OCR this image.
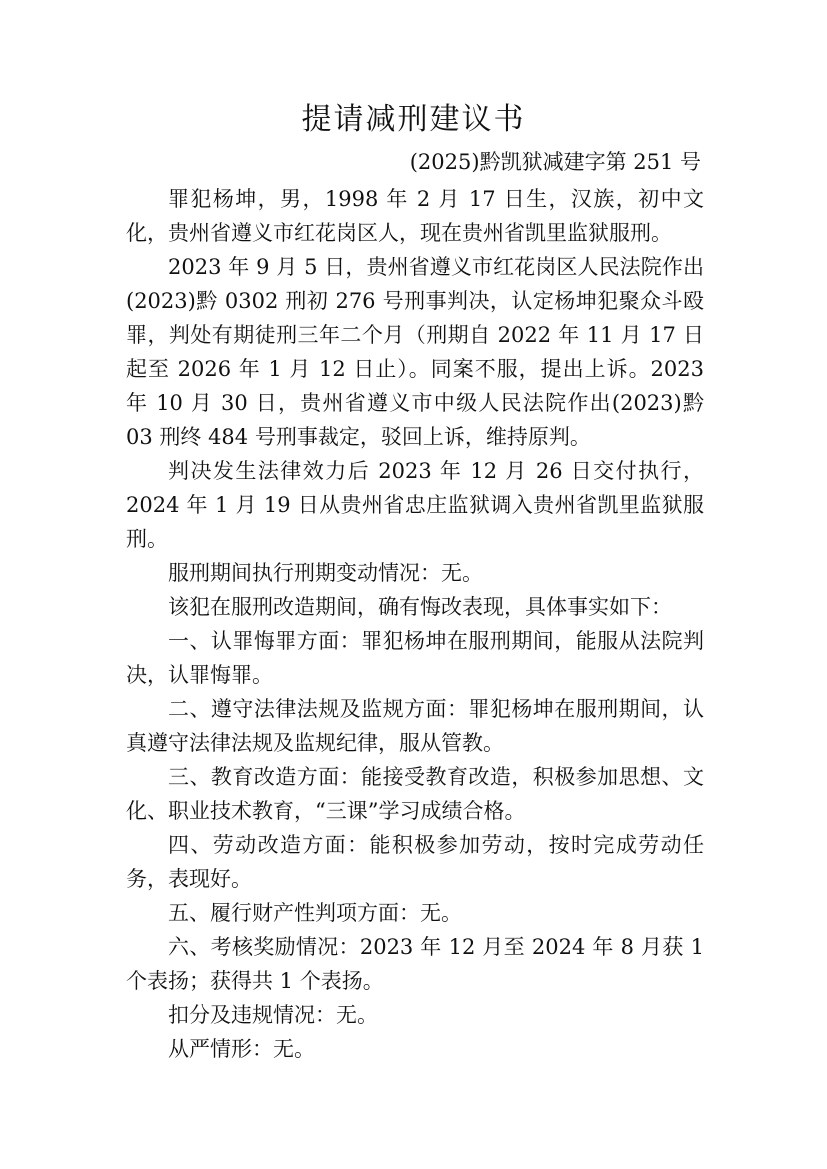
提请减刑建议书
(2025)黔凯狱减建字第 251 号

罪犯杨坤，男，1998 年 2 月 17 日生，汉族，初中文化，贵州省遵义市红花岗区人，现在贵州省凯里监狱服刑。

2023 年 9 月 5 日，贵州省遵义市红花岗区人民法院作出(2023)黔 0302 刑初 276 号刑事判决，认定杨坤犯聚众斗殴罪，判处有期徒刑三年二个月（刑期自 2022 年 11 月 17 日起至 2026 年 1 月 12 日止）。同案不服，提出上诉。2023 年 10 月 30 日，贵州省遵义市中级人民法院作出(2023)黔 03 刑终 484 号刑事裁定，驳回上诉，维持原判。

判决发生法律效力后 2023 年 12 月 26 日交付执行，2024 年 1 月 19 日从贵州省忠庄监狱调入贵州省凯里监狱服刑。

服刑期间执行刑期变动情况：无。

该犯在服刑改造期间，确有悔改表现，具体事实如下：

一、认罪悔罪方面：罪犯杨坤在服刑期间，能服从法院判决，认罪悔罪。

二、遵守法律法规及监规方面：罪犯杨坤在服刑期间，认真遵守法律法规及监规纪律，服从管教。

三、教育改造方面：能接受教育改造，积极参加思想、文化、职业技术教育，“三课”学习成绩合格。

四、劳动改造方面：能积极参加劳动，按时完成劳动任务，表现好。

五、履行财产性判项方面：无。

六、考核奖励情况：2023 年 12 月至 2024 年 8 月获 1 个表扬；获得共 1 个表扬。

扣分及违规情况：无。

从严情形：无。
